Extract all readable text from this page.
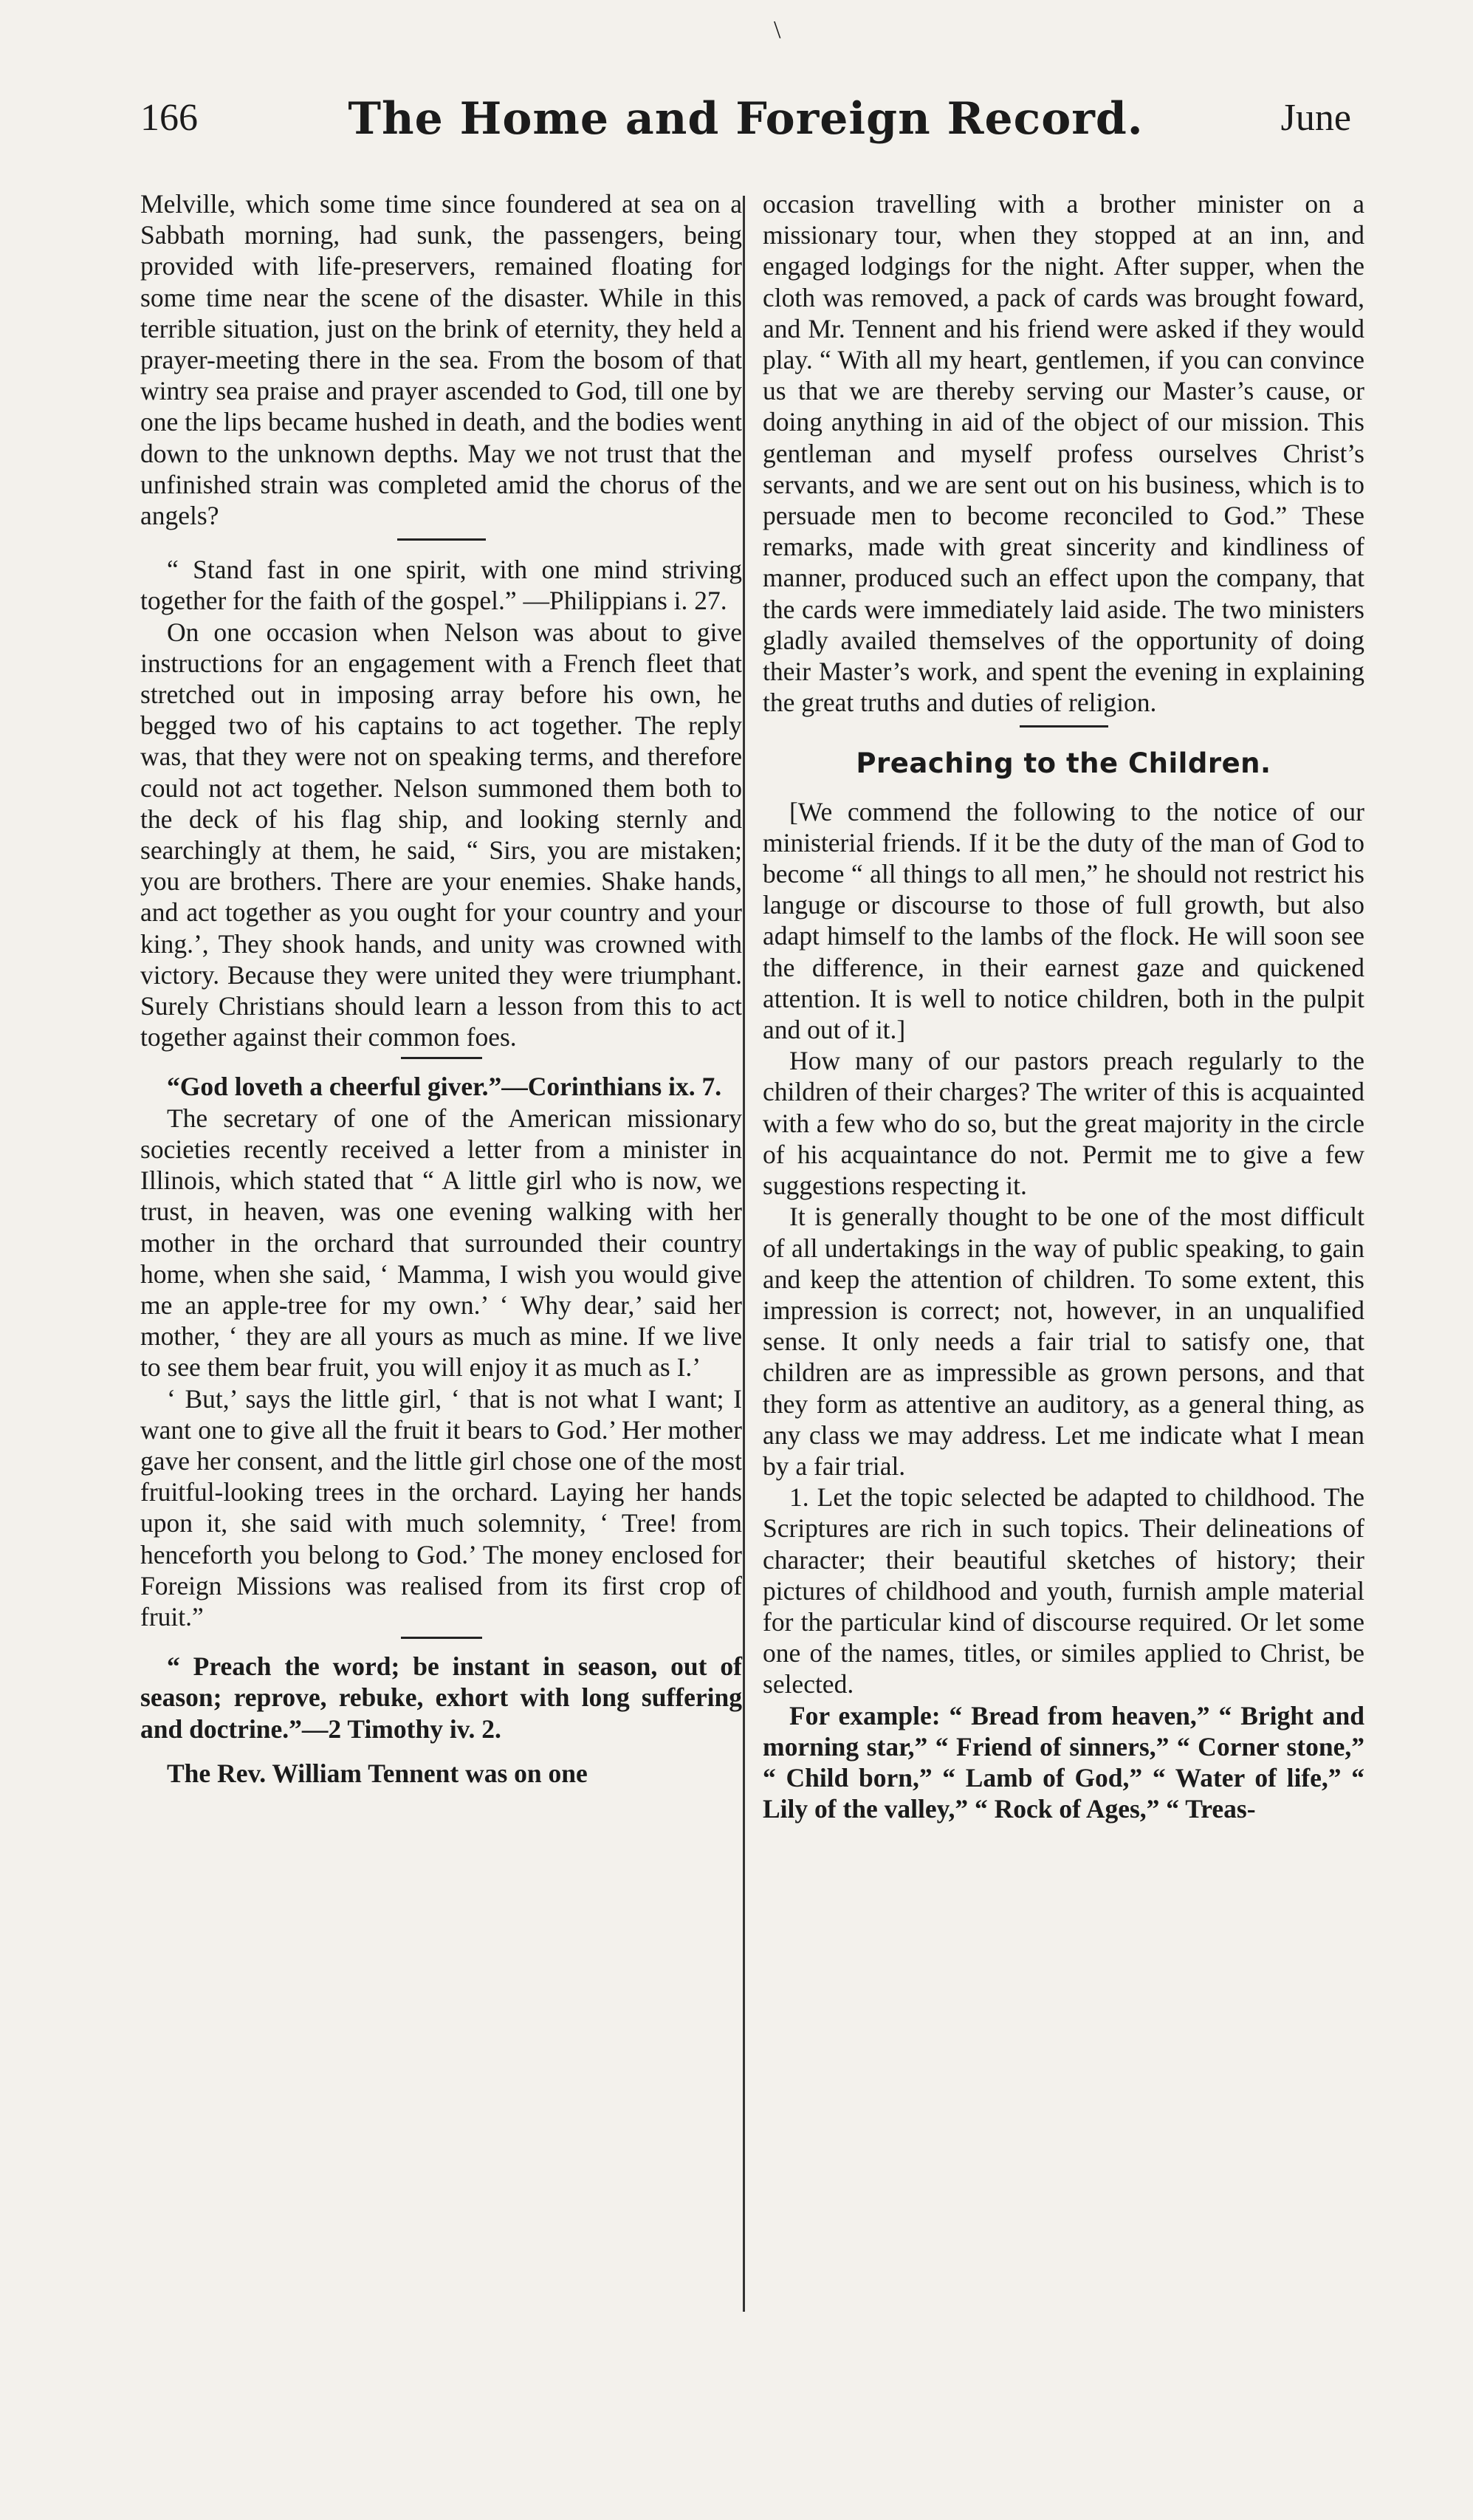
\
166	The Home and Foreign Record.	June

Melville, which some time since foundered at sea on a Sabbath morning, had sunk, the passengers, being provided with life-preservers, remained floating for some time near the scene of the disaster. While in this terrible situation, just on the brink of eternity, they held a prayer-meeting there in the sea. From the bosom of that wintry sea praise and prayer ascended to God, till one by one the lips became hushed in death, and the bodies went down to the unknown depths. May we not trust that the unfinished strain was completed amid the chorus of the angels?

“ Stand fast in one spirit, with one mind striving together for the faith of the gospel.” —Philippians i. 27.

On one occasion when Nelson was about to give instructions for an engagement with a French fleet that stretched out in imposing array before his own, he begged two of his captains to act together. The reply was, that they were not on speaking terms, and therefore could not act together. Nelson summoned them both to the deck of his flag ship, and looking sternly and searchingly at them, he said, “ Sirs, you are mistaken; you are brothers. There are your enemies. Shake hands, and act together as you ought for your country and your king.’, They shook hands, and unity was crowned with victory. Because they were united they were triumphant. Surely Christians should learn a lesson from this to act together against their common foes.

“God loveth a cheerful giver.”—Corinthians ix. 7.

The secretary of one of the American missionary societies recently received a letter from a minister in Illinois, which stated that “ A little girl who is now, we trust, in heaven, was one evening walking with her mother in the orchard that surrounded their country home, when she said, ‘ Mamma, I wish you would give me an apple-tree for my own.’ ‘ Why dear,’ said her mother, ‘ they are all yours as much as mine. If we live to see them bear fruit, you will enjoy it as much as I.’

‘ But,’ says the little girl, ‘ that is not what I want; I want one to give all the fruit it bears to God.’ Her mother gave her consent, and the little girl chose one of the most fruitful-looking trees in the orchard. Laying her hands upon it, she said with much solemnity, ‘ Tree! from henceforth you belong to God.’ The money enclosed for Foreign Missions was realised from its first crop of fruit.”

“ Preach the word; be instant in season, out of season; reprove, rebuke, exhort with long suffering and doctrine.”—2 Timothy iv. 2.

The Rev. William Tennent was on one

occasion travelling with a brother minister on a missionary tour, when they stopped at an inn, and engaged lodgings for the night. After supper, when the cloth was removed, a pack of cards was brought foward, and Mr. Tennent and his friend were asked if they would play. “ With all my heart, gentlemen, if you can convince us that we are thereby serving our Master’s cause, or doing anything in aid of the object of our mission. This gentleman and myself profess ourselves Christ’s servants, and we are sent out on his business, which is to persuade men to become reconciled to God.” These remarks, made with great sincerity and kindliness of manner, produced such an effect upon the company, that the cards were immediately laid aside. The two ministers gladly availed themselves of the opportunity of doing their Master’s work, and spent the evening in explaining the great truths and duties of religion.

Preaching to the Children.

[We commend the following to the notice of our ministerial friends. If it be the duty of the man of God to become “ all things to all men,” he should not restrict his languge or discourse to those of full growth, but also adapt himself to the lambs of the flock. He will soon see the difference, in their earnest gaze and quickened attention. It is well to notice children, both in the pulpit and out of it.]

How many of our pastors preach regularly to the children of their charges? The writer of this is acquainted with a few who do so, but the great majority in the circle of his acquaintance do not. Permit me to give a few suggestions respecting it.

It is generally thought to be one of the most difficult of all undertakings in the way of public speaking, to gain and keep the attention of children. To some extent, this impression is correct; not, however, in an unqualified sense. It only needs a fair trial to satisfy one, that children are as impressible as grown persons, and that they form as attentive an auditory, as a general thing, as any class we may address. Let me indicate what I mean by a fair trial.

1. Let the topic selected be adapted to childhood. The Scriptures are rich in such topics. Their delineations of character; their beautiful sketches of history; their pictures of childhood and youth, furnish ample material for the particular kind of discourse required. Or let some one of the names, titles, or similes applied to Christ, be selected.

For example: “ Bread from heaven,” “ Bright and morning star,” “ Friend of sinners,” “ Corner stone,” “ Child born,” “ Lamb of God,” “ Water of life,” “ Lily of the valley,” “ Rock of Ages,” “ Treas-
